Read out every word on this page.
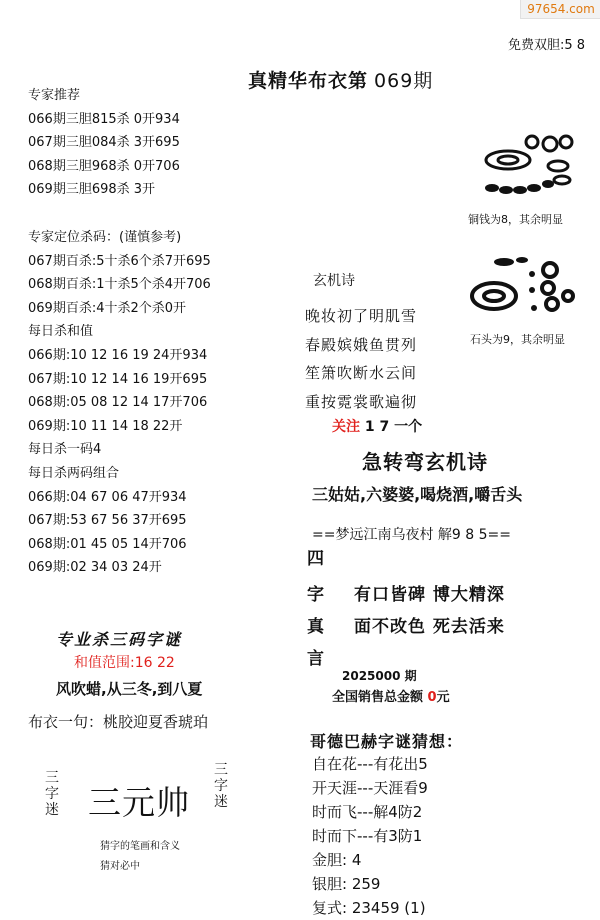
97654.com
免费双胆:5 8
真精华布衣第 069期
专家推荐
066期三胆815杀 0开934
067期三胆084杀 3开695
068期三胆968杀 0开706
069期三胆698杀 3开
专家定位杀码：(谨慎参考)
067期百杀:5十杀6个杀7开695
068期百杀:1十杀5个杀4开706
069期百杀:4十杀2个杀0开
每日杀和值
066期:10 12 16 19 24开934
067期:10 12 14 16 19开695
068期:05 08 12 14 17开706
069期:10 11 14 18 22开
每日杀一码4
每日杀两码组合
066期:04 67 06 47开934
067期:53 67 56 37开695
068期:01 45 05 14开706
069期:02 34 03 24开
铜钱为8，其余明显
石头为9，其余明显
玄机诗
晚妆初了明肌雪
春殿嫔娥鱼贯列
笙箫吹断水云间
重按霓裳歌遍彻
关注 1 7 一个
急转弯玄机诗
三姑姑,六婆婆,喝烧酒,嚼舌头
==梦远江南乌夜村 解9 8 5==
四
字
真
言
有口皆碑 博大精深
面不改色 死去活来
2025000 期
全国销售总金额 0元
哥德巴赫字谜猜想：
自在花---有花出5
开天涯---天涯看9
时而飞---解4防2
时而下---有3防1
金胆: 4
银胆: 259
复式: 23459 (1)
专业杀三码字谜
和值范围:16 22
风吹蜡,从三冬,到八夏
布衣一句：桃胶迎夏香琥珀
三字迷 三元帅
三字迷
猜字的笔画和含义
猜对必中
